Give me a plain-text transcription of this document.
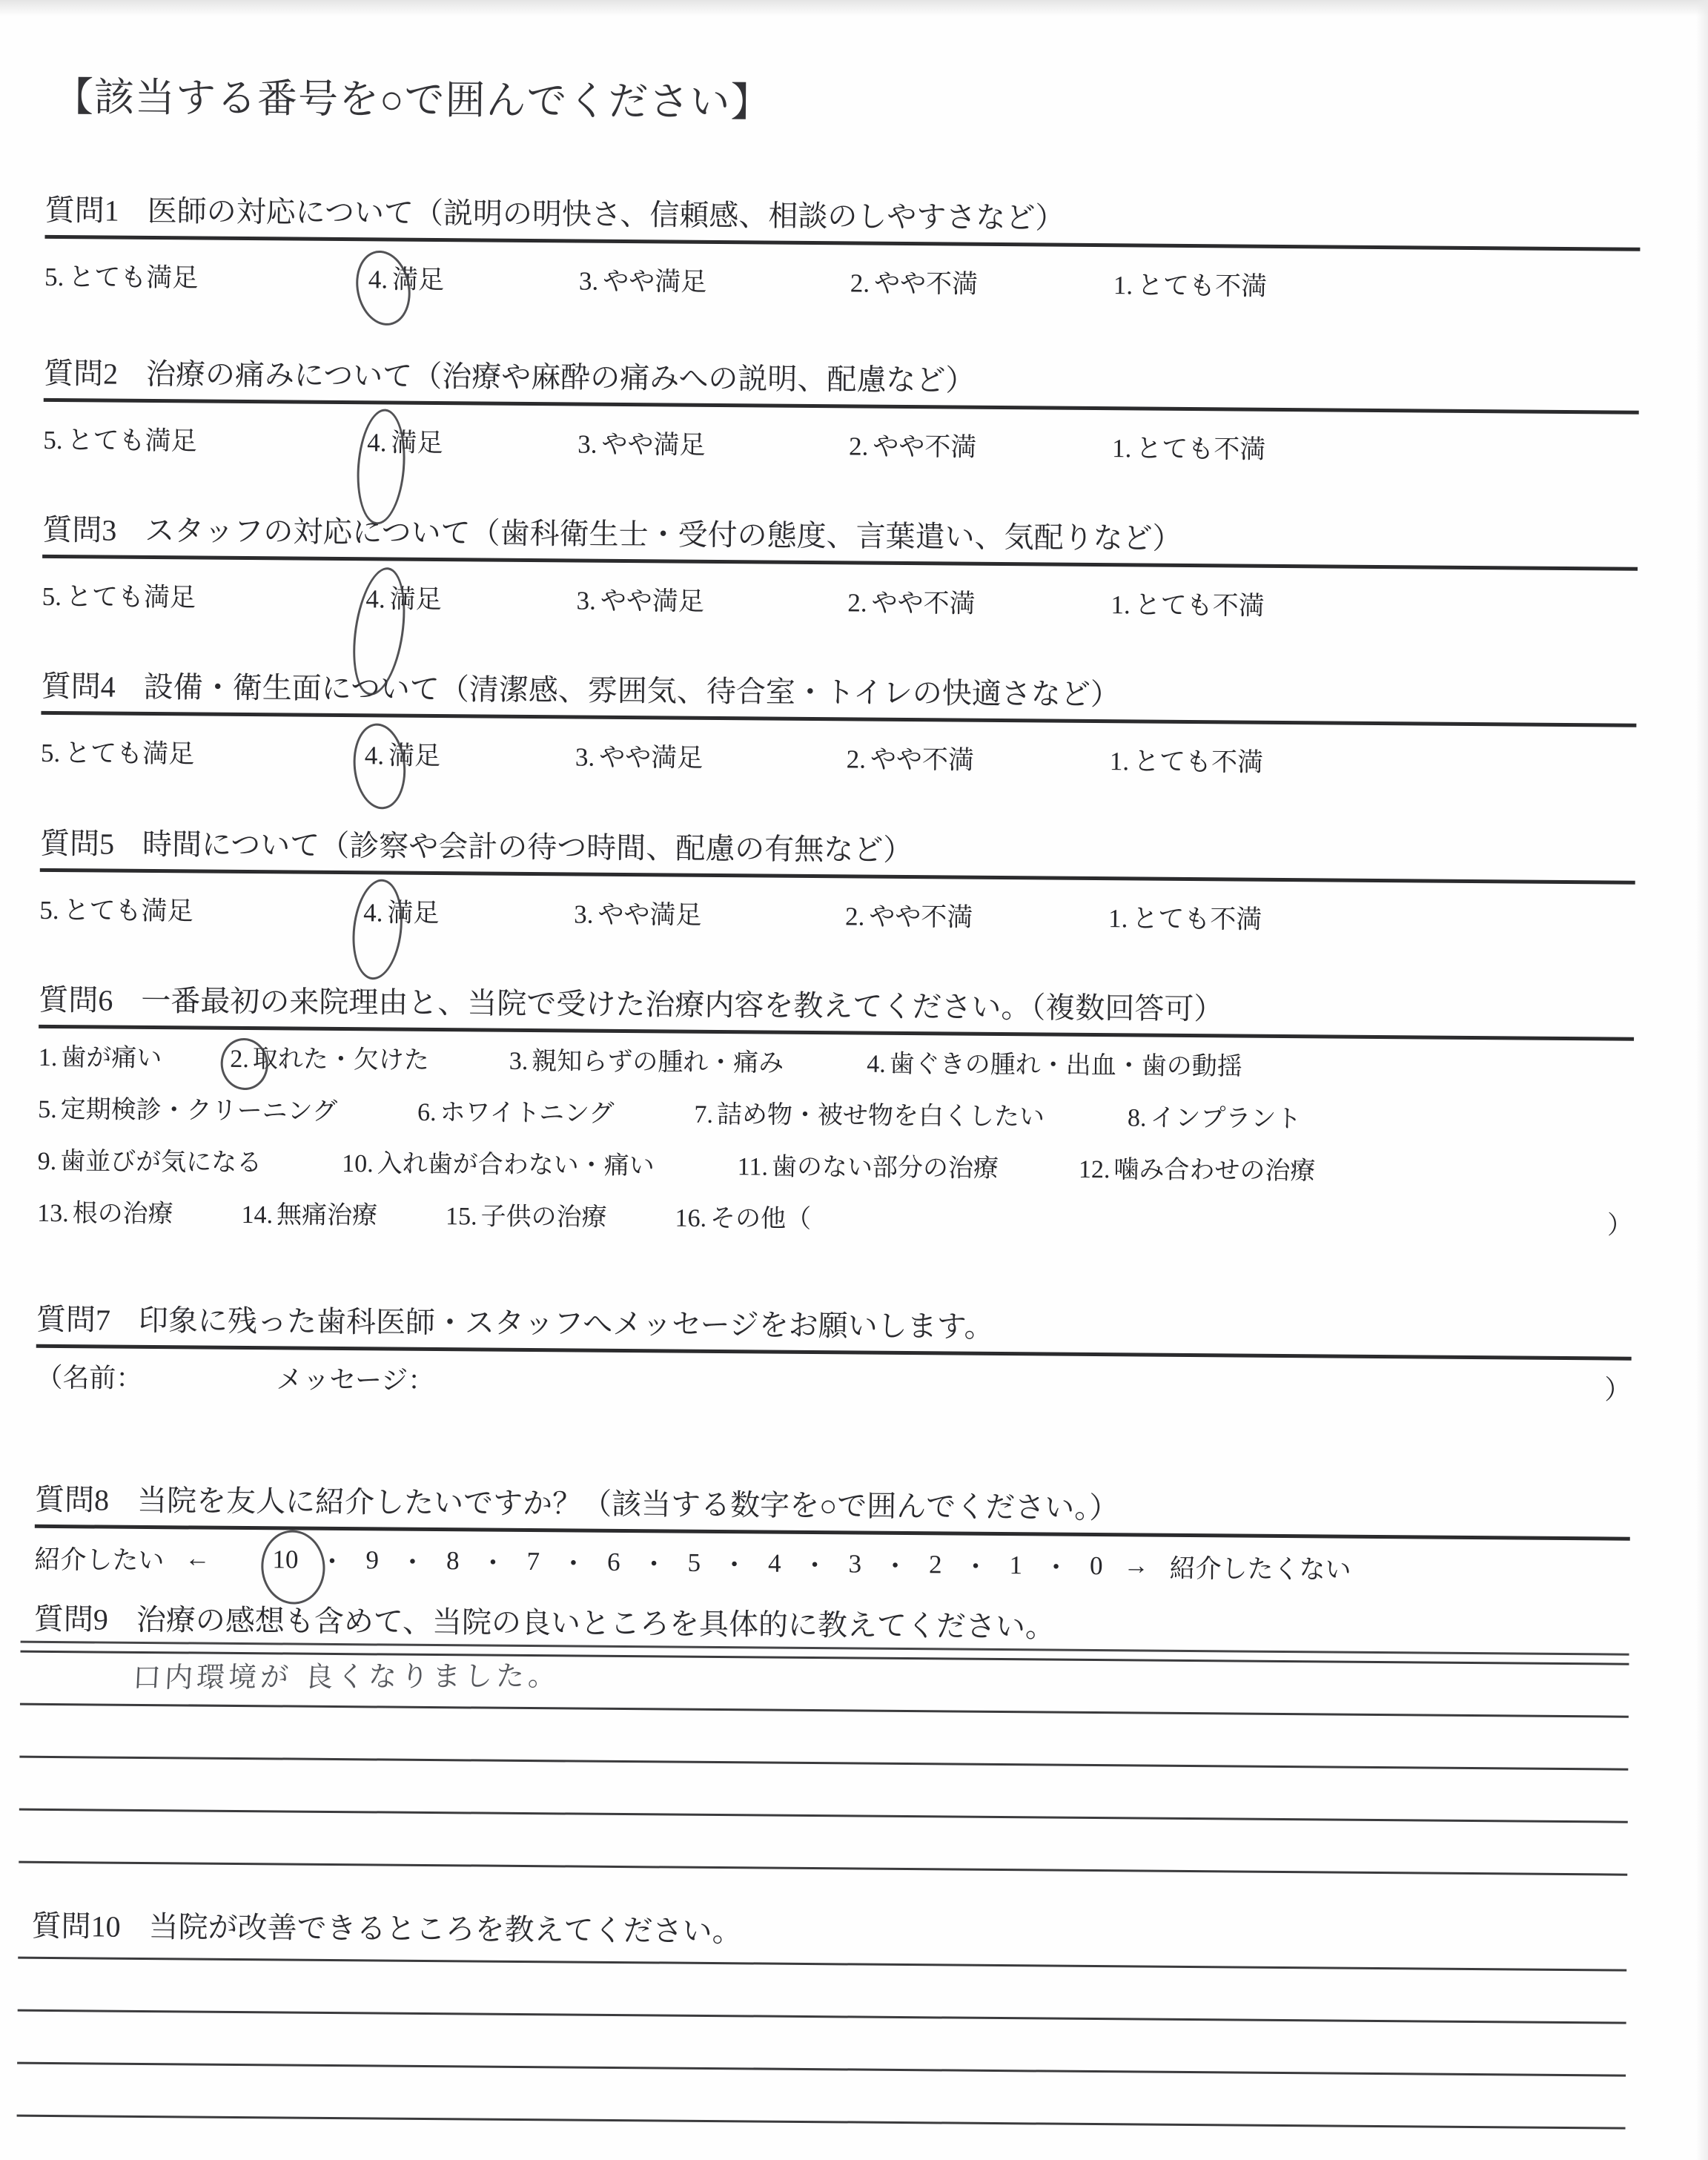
【該当する番号を○で囲んでください】
質問1 医師の対応について（説明の明快さ、信頼感、相談のしやすさなど）
5. とても満足	4. 満足	3. やや満足	2. やや不満	1. とても不満
質問2 治療の痛みについて（治療や麻酔の痛みへの説明、配慮など）
5. とても満足	4. 満足	3. やや満足	2. やや不満	1. とても不満
質問3 スタッフの対応について（歯科衛生士・受付の態度、言葉遣い、気配りなど）
5. とても満足	4. 満足	3. やや満足	2. やや不満	1. とても不満
質問4 設備・衛生面について（清潔感、雰囲気、待合室・トイレの快適さなど）
5. とても満足	4. 満足	3. やや満足	2. やや不満	1. とても不満
質問5 時間について（診察や会計の待つ時間、配慮の有無など）
5. とても満足	4. 満足	3. やや満足	2. やや不満	1. とても不満
質問6 一番最初の来院理由と、当院で受けた治療内容を教えてください。（複数回答可）
1. 歯が痛い	2. 取れた・欠けた	3. 親知らずの腫れ・痛み	4. 歯ぐきの腫れ・出血・歯の動揺
5. 定期検診・クリーニング	6. ホワイトニング	7. 詰め物・被せ物を白くしたい	8. インプラント
9. 歯並びが気になる	10. 入れ歯が合わない・痛い	11. 歯のない部分の治療	12. 噛み合わせの治療
13. 根の治療	14. 無痛治療	15. 子供の治療	16. その他（	）
質問7 印象に残った歯科医師・スタッフへメッセージをお願いします。
（名前：	メッセージ：	）
質問8 当院を友人に紹介したいですか？（該当する数字を○で囲んでください。）
紹介したい ← 10 ・ 9 ・ 8 ・ 7 ・ 6 ・ 5 ・ 4 ・ 3 ・ 2 ・ 1 ・ 0 → 紹介したくない
質問9 治療の感想も含めて、当院の良いところを具体的に教えてください。
口内環境が 良くなりました。
質問10 当院が改善できるところを教えてください。
